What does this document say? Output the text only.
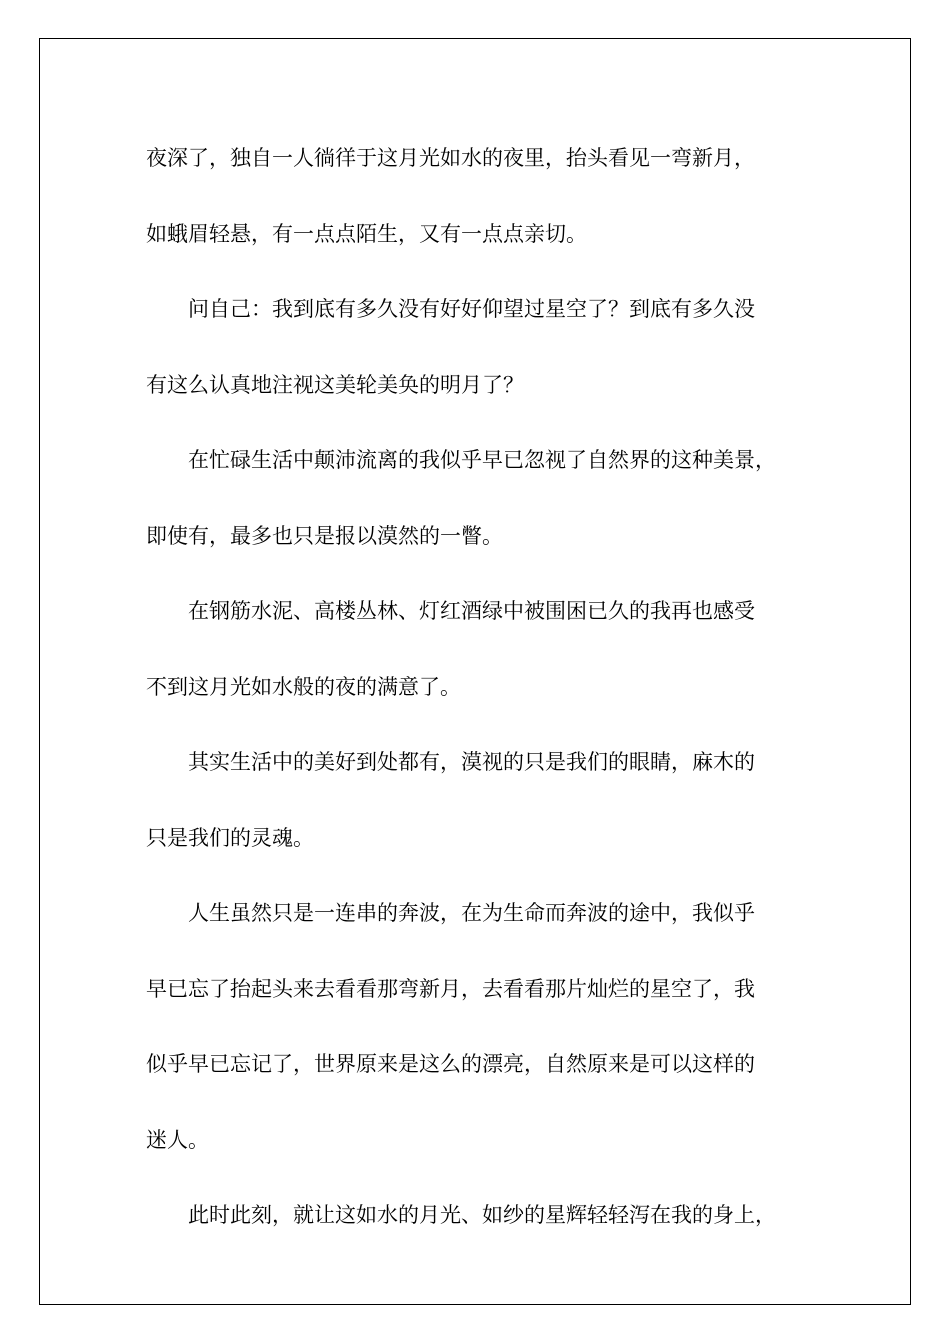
夜深了，独自一人徜徉于这月光如水的夜里，抬头看见一弯新月，
如蛾眉轻悬，有一点点陌生，又有一点点亲切。
问自己：我到底有多久没有好好仰望过星空了？到底有多久没
有这么认真地注视这美轮美奂的明月了？
在忙碌生活中颠沛流离的我似乎早已忽视了自然界的这种美景，
即使有，最多也只是报以漠然的一瞥。
在钢筋水泥、高楼丛林、灯红酒绿中被围困已久的我再也感受
不到这月光如水般的夜的满意了。
其实生活中的美好到处都有，漠视的只是我们的眼睛，麻木的
只是我们的灵魂。
人生虽然只是一连串的奔波，在为生命而奔波的途中，我似乎
早已忘了抬起头来去看看那弯新月，去看看那片灿烂的星空了，我
似乎早已忘记了，世界原来是这么的漂亮，自然原来是可以这样的
迷人。
此时此刻，就让这如水的月光、如纱的星辉轻轻泻在我的身上，
